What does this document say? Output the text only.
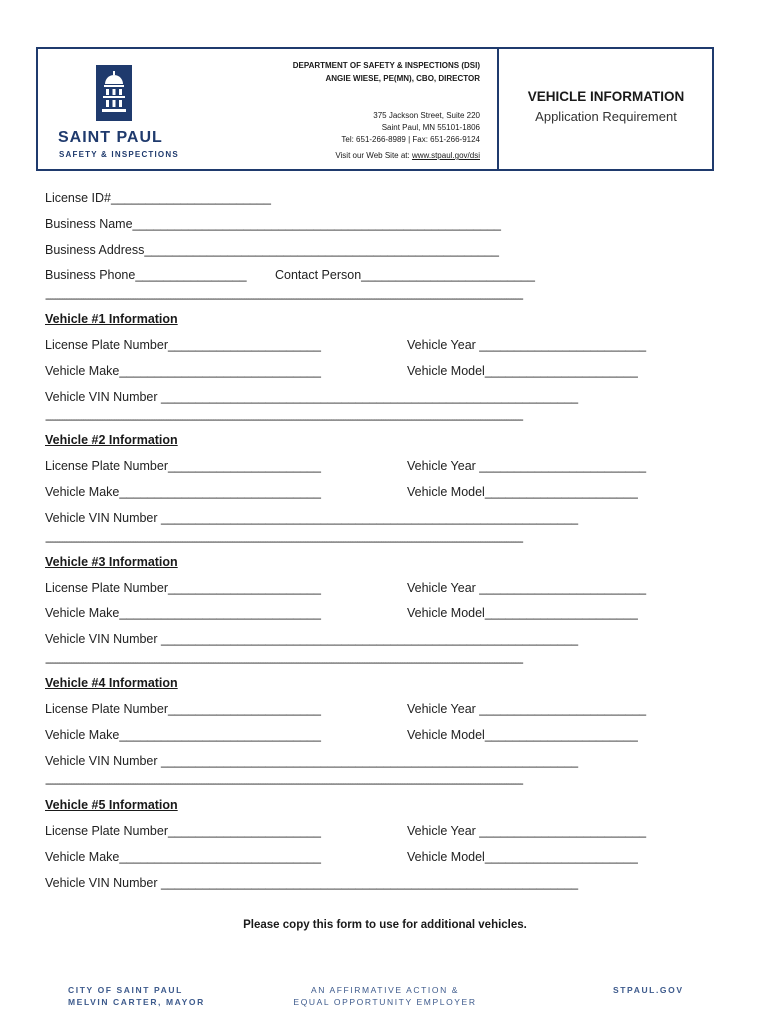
SAINT PAUL
SAFETY & INSPECTIONS
DEPARTMENT OF SAFETY & INSPECTIONS (DSI)
ANGIE WIESE, PE(MN), CBO, DIRECTOR
375 Jackson Street, Suite 220
Saint Paul, MN 55101-1806
Tel: 651-266-8989 | Fax: 651-266-9124
Visit our Web Site at: www.stpaul.gov/dsi
VEHICLE INFORMATION
Application Requirement
License ID#_______________________
Business Name_____________________________________________________
Business Address___________________________________________________
Business Phone________________ Contact Person_________________________
----------------------------------------------------------------------------------------------------------------------------------------------------------------------------------------------------------
Vehicle #1 Information
License Plate Number______________________	Vehicle Year ________________________
Vehicle Make_____________________________	Vehicle Model______________________
Vehicle VIN Number ____________________________________________________________
----------------------------------------------------------------------------------------------------------------------------------------------------------------------------------------------------------
Vehicle #2 Information
License Plate Number______________________	Vehicle Year ________________________
Vehicle Make_____________________________	Vehicle Model______________________
Vehicle VIN Number ____________________________________________________________
----------------------------------------------------------------------------------------------------------------------------------------------------------------------------------------------------------
Vehicle #3 Information
License Plate Number______________________	Vehicle Year ________________________
Vehicle Make_____________________________	Vehicle Model______________________
Vehicle VIN Number ____________________________________________________________
----------------------------------------------------------------------------------------------------------------------------------------------------------------------------------------------------------
Vehicle #4 Information
License Plate Number______________________	Vehicle Year ________________________
Vehicle Make_____________________________	Vehicle Model______________________
Vehicle VIN Number ____________________________________________________________
----------------------------------------------------------------------------------------------------------------------------------------------------------------------------------------------------------
Vehicle #5 Information
License Plate Number______________________	Vehicle Year ________________________
Vehicle Make_____________________________	Vehicle Model______________________
Vehicle VIN Number ____________________________________________________________
Please copy this form to use for additional vehicles.
CITY OF SAINT PAUL
MELVIN CARTER, MAYOR
AN AFFIRMATIVE ACTION &
EQUAL OPPORTUNITY EMPLOYER
STPAUL.GOV
